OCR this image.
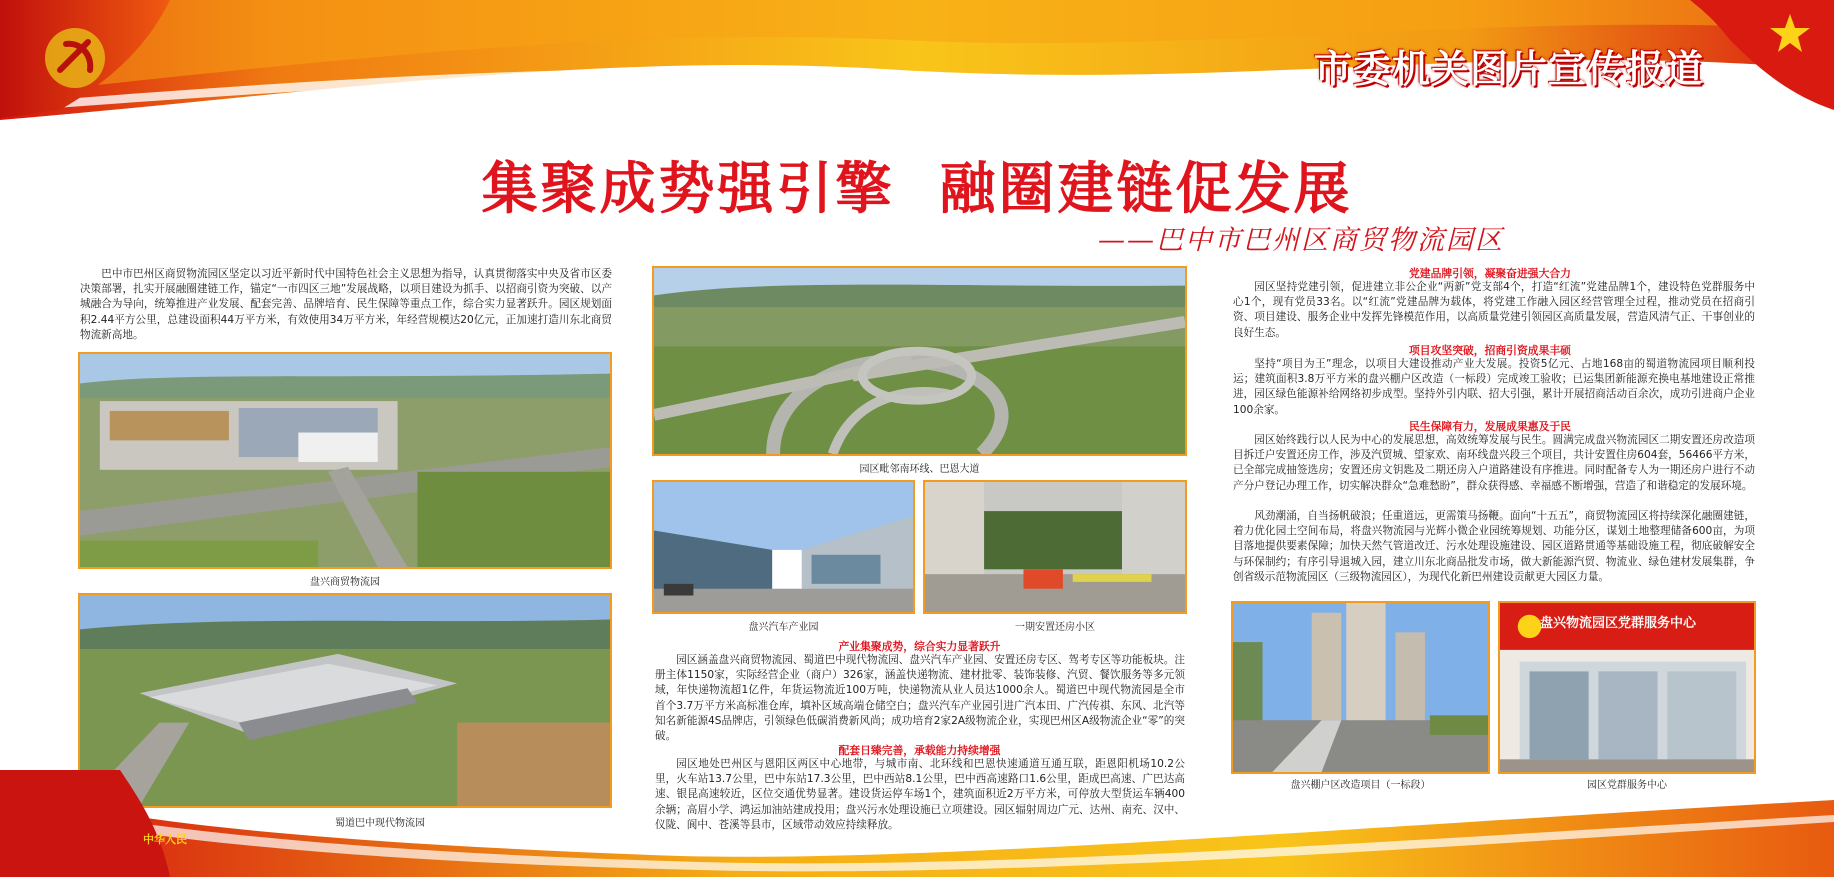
市委机关图片宣传报道
集聚成势强引擎  融圈建链促发展
——巴中市巴州区商贸物流园区

巴中市巴州区商贸物流园区坚定以习近平新时代中国特色社会主义思想为指导，认真贯彻落实中央及省市区委决策部署，扎实开展融圈建链工作，锚定“一市四区三地”发展战略，以项目建设为抓手、以招商引资为突破、以产城融合为导向，统筹推进产业发展、配套完善、品牌培育、民生保障等重点工作，综合实力显著跃升。园区规划面积2.44平方公里，总建设面积44万平方米，有效使用34万平方米，年经营规模达20亿元，正加速打造川东北商贸物流新高地。

盘兴商贸物流园
蜀道巴中现代物流园
园区毗邻南环线、巴恩大道
盘兴汽车产业园	一期安置还房小区
产业集聚成势，综合实力显著跃升

园区涵盖盘兴商贸物流园、蜀道巴中现代物流园、盘兴汽车产业园、安置还房专区、驾考专区等功能板块。注册主体1150家，实际经营企业（商户）326家，涵盖快递物流、建材批零、装饰装修、汽贸、餐饮服务等多元领域，年快递物流超1亿件，年货运物流近100万吨，快递物流从业人员达1000余人。蜀道巴中现代物流园是全市首个3.7万平方米高标准仓库，填补区域高端仓储空白；盘兴汽车产业园引进广汽本田、广汽传祺、东风、北汽等知名新能源4S品牌店，引领绿色低碳消费新风尚；成功培育2家2A级物流企业，实现巴州区A级物流企业“零”的突破。

配套日臻完善，承载能力持续增强

园区地处巴州区与恩阳区两区中心地带，与城市南、北环线和巴恩快速通道互通互联，距恩阳机场10.2公里，火车站13.7公里，巴中东站17.3公里，巴中西站8.1公里，巴中西高速路口1.6公里，距成巴高速、广巴达高速、银昆高速较近，区位交通优势显著。建设货运停车场1个，建筑面积近2万平方米，可停放大型货运车辆400余辆；高眉小学、鸿运加油站建成投用；盘兴污水处理设施已立项建设。园区辐射周边广元、达州、南充、汉中、仪陇、阆中、苍溪等县市，区域带动效应持续释放。

党建品牌引领，凝聚奋进强大合力

园区坚持党建引领，促进建立非公企业“两新”党支部4个，打造“红流”党建品牌1个，建设特色党群服务中心1个，现有党员33名。以“红流”党建品牌为载体，将党建工作融入园区经营管理全过程，推动党员在招商引资、项目建设、服务企业中发挥先锋模范作用，以高质量党建引领园区高质量发展，营造风清气正、干事创业的良好生态。

项目攻坚突破，招商引资成果丰硕

坚持“项目为王”理念，以项目大建设推动产业大发展。投资5亿元、占地168亩的蜀道物流园项目顺利投运；建筑面积3.8万平方米的盘兴棚户区改造（一标段）完成竣工验收；已运集团新能源充换电基地建设正常推进，园区绿色能源补给网络初步成型。坚持外引内联、招大引强，累计开展招商活动百余次，成功引进商户企业100余家。

民生保障有力，发展成果惠及于民

园区始终践行以人民为中心的发展思想，高效统筹发展与民生。圆满完成盘兴物流园区二期安置还房改造项目拆迁户安置还房工作，涉及汽贸城、望家欢、南环线盘兴段三个项目，共计安置住房604套，56466平方米，已全部完成抽签选房；安置还房文钥匙及二期还房入户道路建设有序推进。同时配备专人为一期还房户进行不动产分户登记办理工作，切实解决群众“急难愁盼”，群众获得感、幸福感不断增强，营造了和谐稳定的发展环境。

风劲潮涌，自当扬帆破浪；任重道远，更需策马扬鞭。面向“十五五”，商贸物流园区将持续深化融圈建链，着力优化园土空间布局，将盘兴物流园与光辉小微企业园统筹规划、功能分区，谋划土地整理储备600亩，为项目落地提供要素保障；加快天然气管道改迁、污水处理设施建设、园区道路贯通等基础设施工程，彻底破解安全与环保制约；有序引导退城入园，建立川东北商品批发市场，做大新能源汽贸、物流业、绿色建材发展集群，争创省级示范物流园区（三级物流园区），为现代化新巴州建设贡献更大园区力量。

盘兴棚户区改造项目（一标段）
盘兴物流园区党群服务中心
园区党群服务中心
中华人民
